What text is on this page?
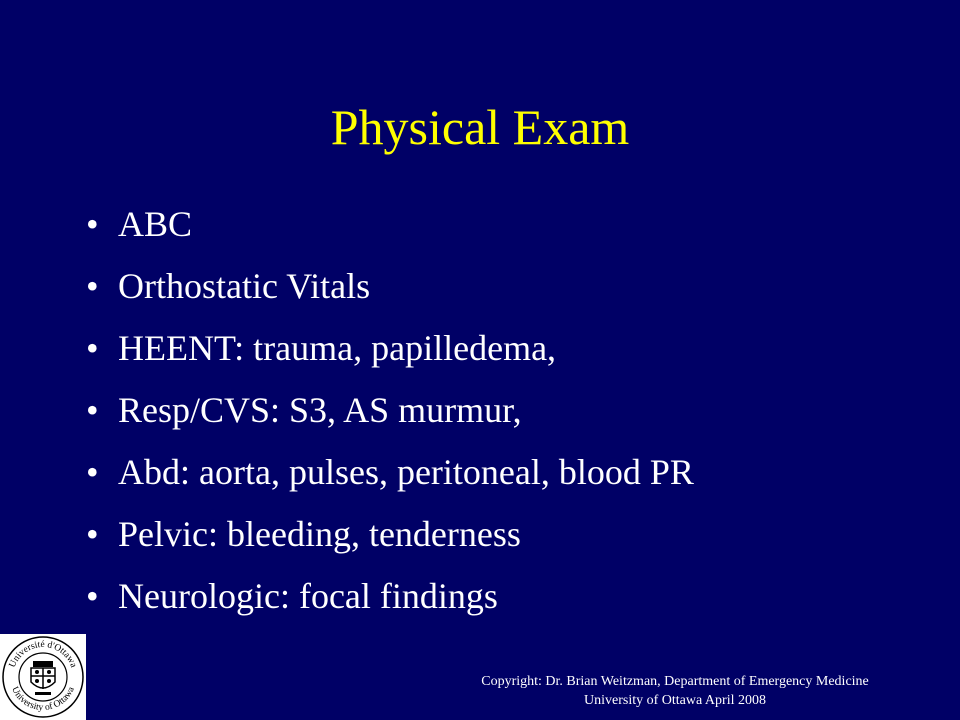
Physical Exam
• ABC
• Orthostatic Vitals
• HEENT: trauma, papilledema,
• Resp/CVS: S3, AS murmur,
• Abd: aorta, pulses, peritoneal, blood PR
• Pelvic: bleeding, tenderness
• Neurologic: focal findings
Université d'Ottawa
University of Ottawa
Copyright: Dr. Brian Weitzman, Department of Emergency Medicine
University of Ottawa April 2008
